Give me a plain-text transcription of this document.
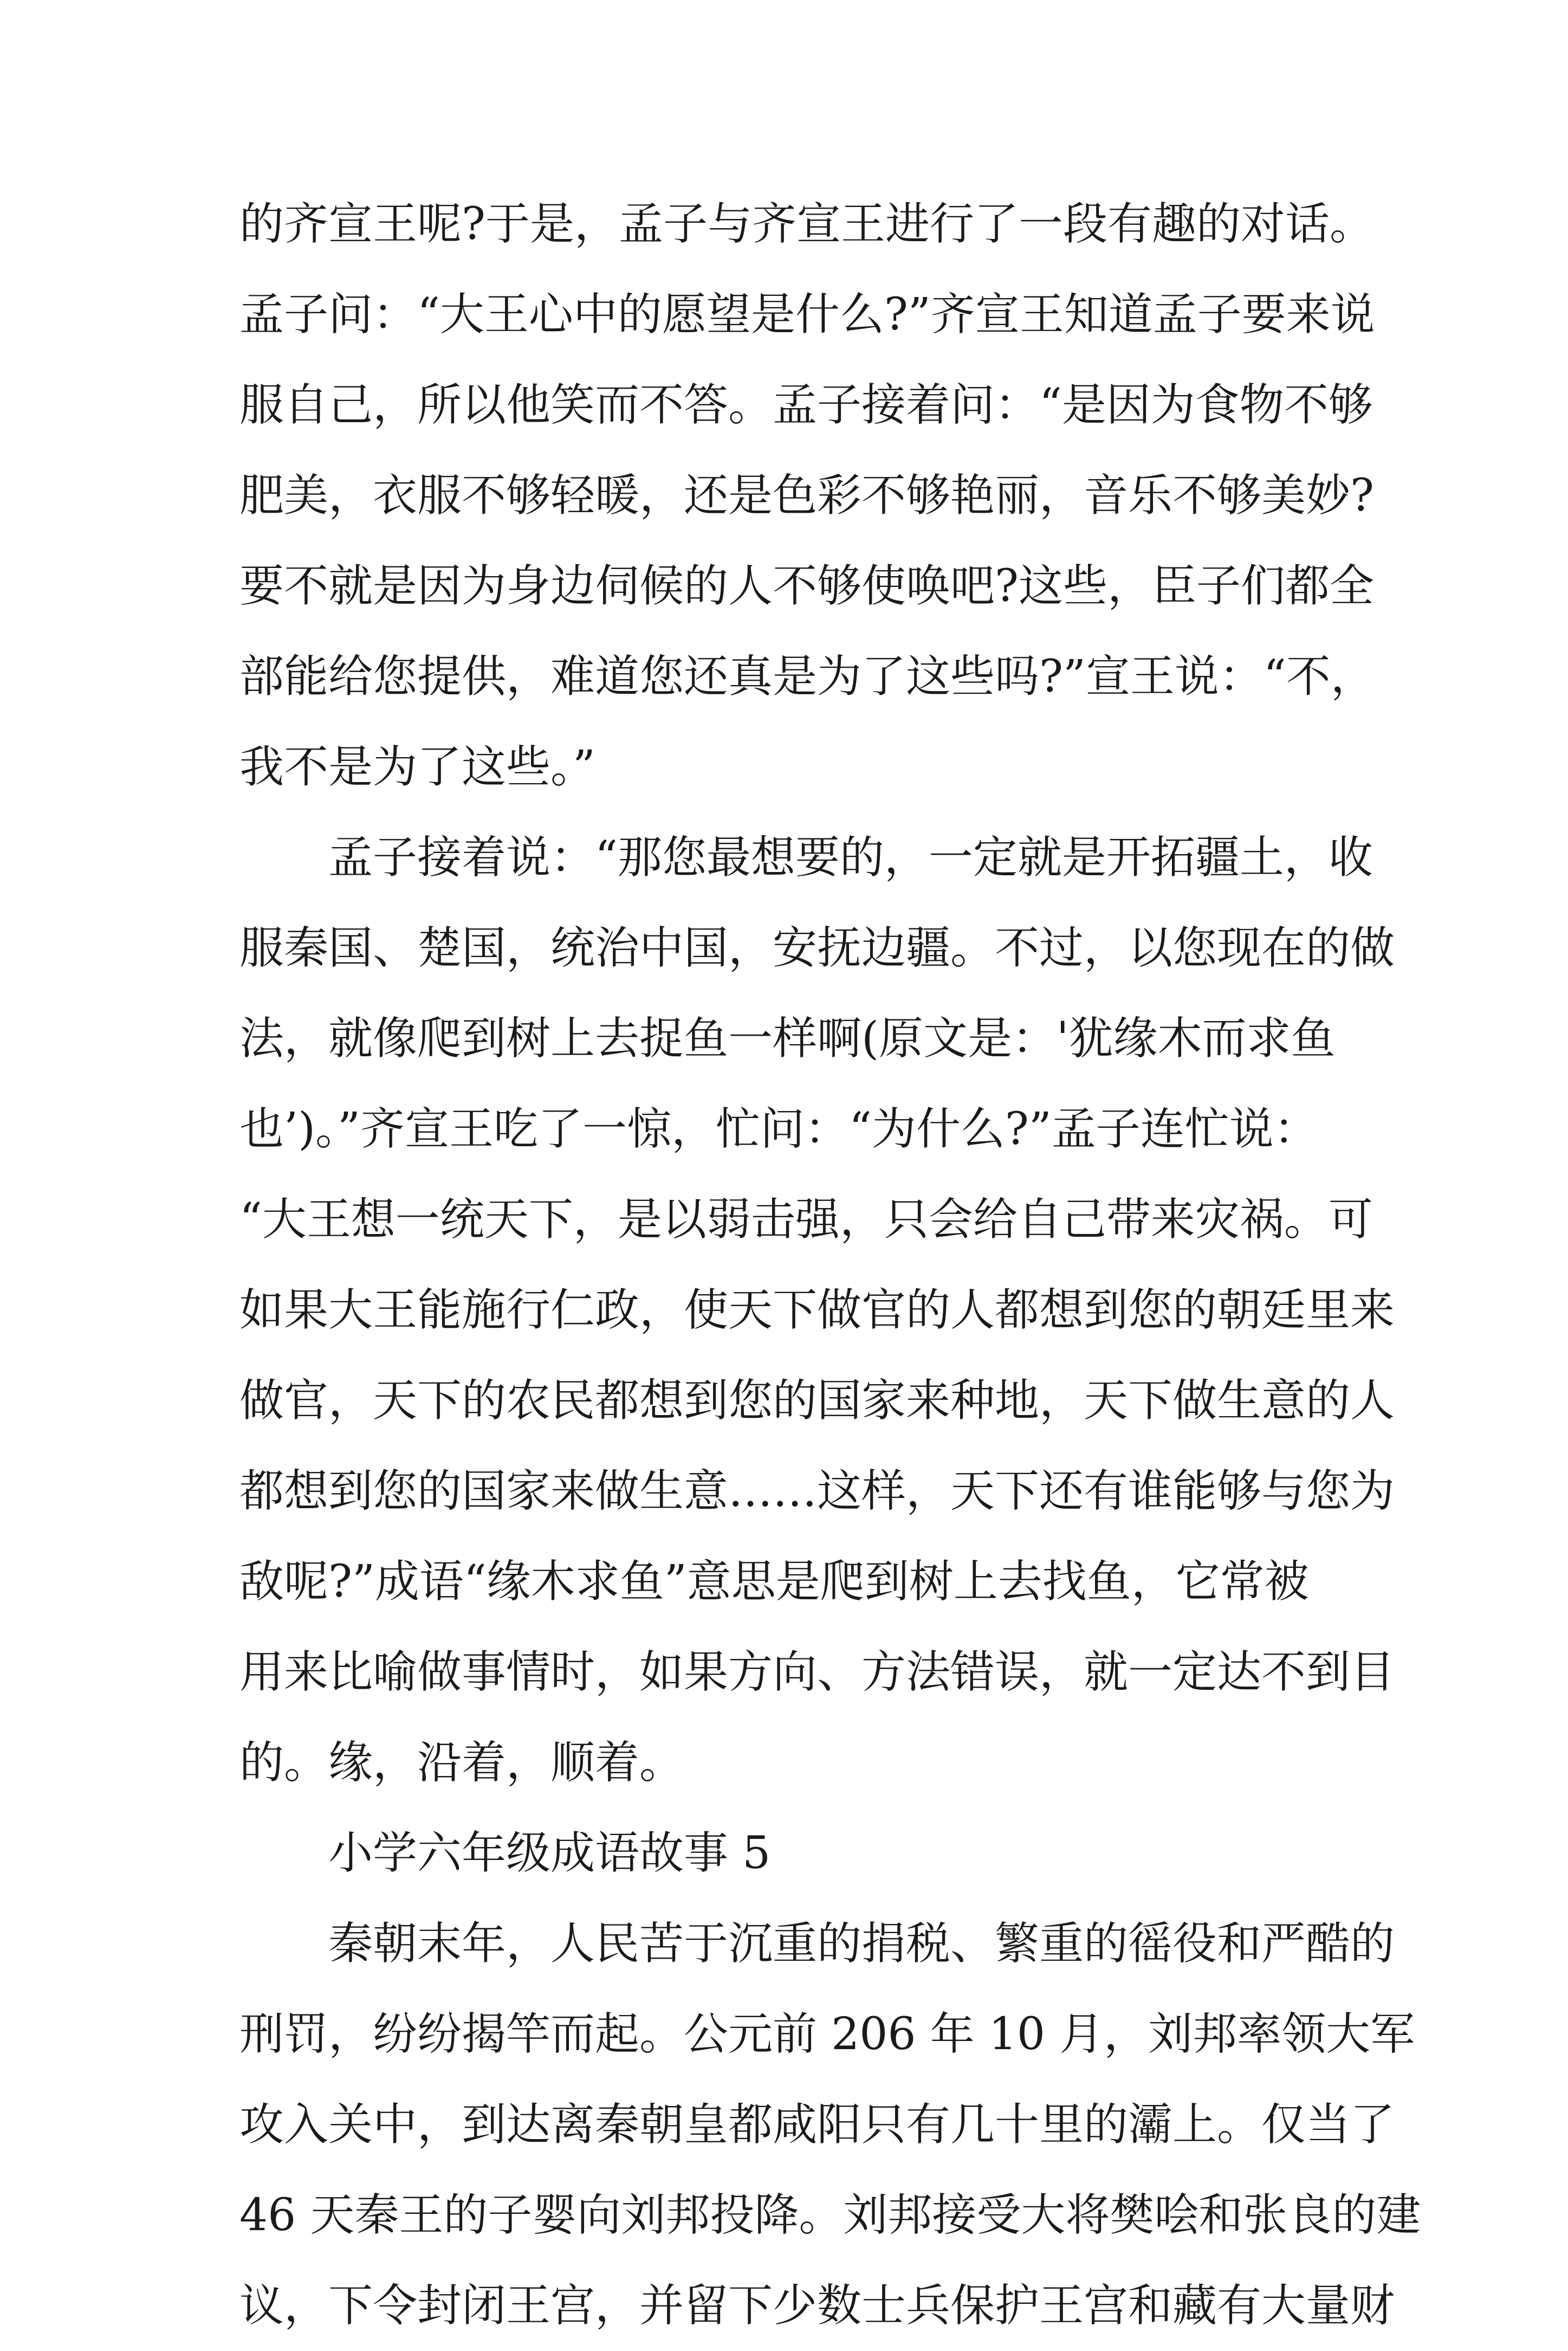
的齐宣王呢?于是，孟子与齐宣王进行了一段有趣的对话。
孟子问：“大王心中的愿望是什么?”齐宣王知道孟子要来说
服自己，所以他笑而不答。孟子接着问：“是因为食物不够
肥美，衣服不够轻暖，还是色彩不够艳丽，音乐不够美妙?
要不就是因为身边伺候的人不够使唤吧?这些，臣子们都全
部能给您提供，难道您还真是为了这些吗?”宣王说：“不，
我不是为了这些。”
孟子接着说：“那您最想要的，一定就是开拓疆土，收
服秦国、楚国，统治中国，安抚边疆。不过，以您现在的做
法，就像爬到树上去捉鱼一样啊(原文是：'犹缘木而求鱼
也’)。”齐宣王吃了一惊，忙问：“为什么?”孟子连忙说：
“大王想一统天下，是以弱击强，只会给自己带来灾祸。可
如果大王能施行仁政，使天下做官的人都想到您的朝廷里来
做官，天下的农民都想到您的国家来种地，天下做生意的人
都想到您的国家来做生意……这样，天下还有谁能够与您为
敌呢?”成语“缘木求鱼”意思是爬到树上去找鱼，它常被
用来比喻做事情时，如果方向、方法错误，就一定达不到目
的。缘，沿着，顺着。
小学六年级成语故事 5
秦朝末年，人民苦于沉重的捐税、繁重的徭役和严酷的
刑罚，纷纷揭竿而起。公元前 206 年 10 月，刘邦率领大军
攻入关中，到达离秦朝皇都咸阳只有几十里的灞上。仅当了
46 天秦王的子婴向刘邦投降。刘邦接受大将樊哙和张良的建
议，下令封闭王宫，并留下少数士兵保护王宫和藏有大量财
